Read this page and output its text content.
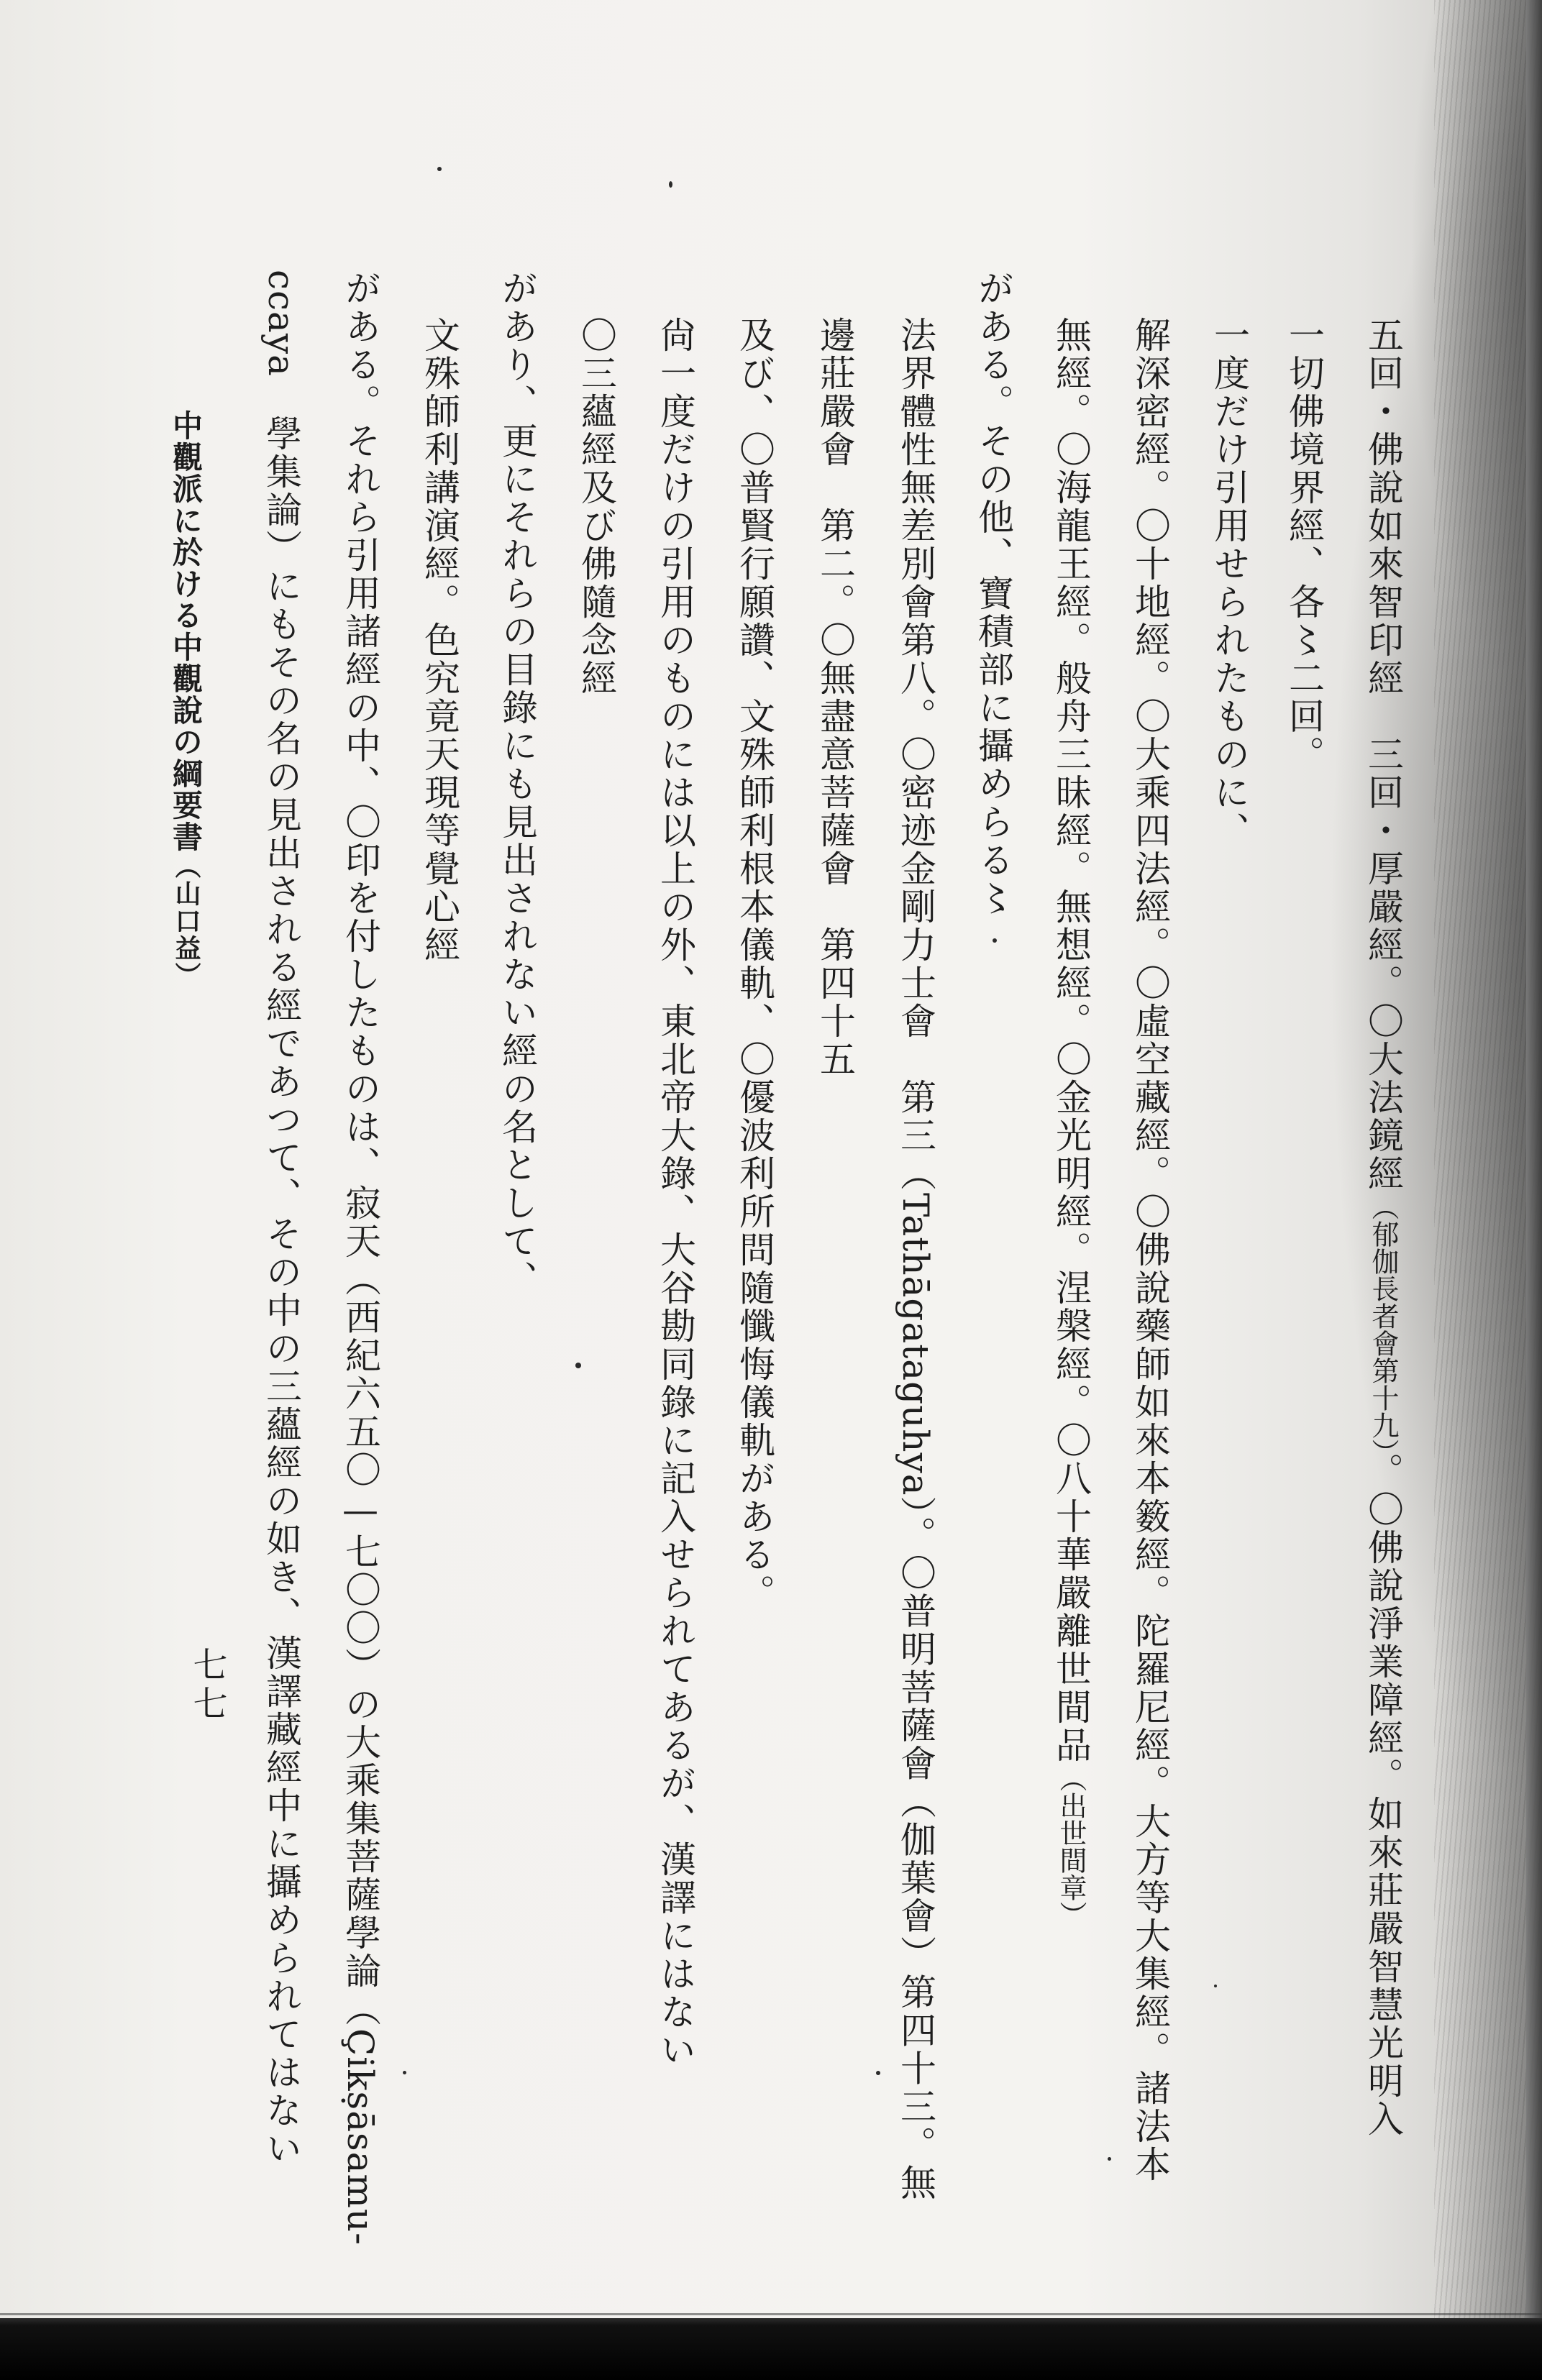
五回・佛說如來智印經　三回・厚嚴經。〇大法鏡經（郁伽長者會第十九）。〇佛說淨業障經。如來莊嚴智慧光明入
一切佛境界經、各〻二回。
一度だけ引用せられたものに、
解深密經。〇十地經。〇大乘四法經。〇虛空藏經。〇佛說藥師如來本䉤經。陀羅尼經。大方等大集經。諸法本
無經。〇海龍王經。般舟三昧經。無想經。〇金光明經。涅槃經。〇八十華嚴離世間品（出世間章）
がある。その他、寶積部に攝めらる〻
法界體性無差別會第八。〇密迹金剛力士會　第三（Tathāgataguhya）。〇普明菩薩會（伽葉會）第四十三。無
邊莊嚴會　第二。〇無盡意菩薩會　第四十五
及び、〇普賢行願讚、文殊師利根本儀軌、〇優波利所問隨懺悔儀軌がある。
尙一度だけの引用のものには以上の外、東北帝大錄、大谷勘同錄に記入せられてあるが、漢譯にはない
〇三蘊經及び佛隨念經
があり、更にそれらの目錄にも見出されない經の名として、
文殊師利講演經。色究竟天現等覺心經
がある。それら引用諸經の中、〇印を付したものは、寂天（西紀六五〇—七〇〇）の大乘集菩薩學論（Çikṣāsamu-
ccaya　學集論）にもその名の見出される經であつて、その中の三蘊經の如き、漢譯藏經中に攝められてはない
中觀派に於ける中觀說の綱要書（山口益）
七七
